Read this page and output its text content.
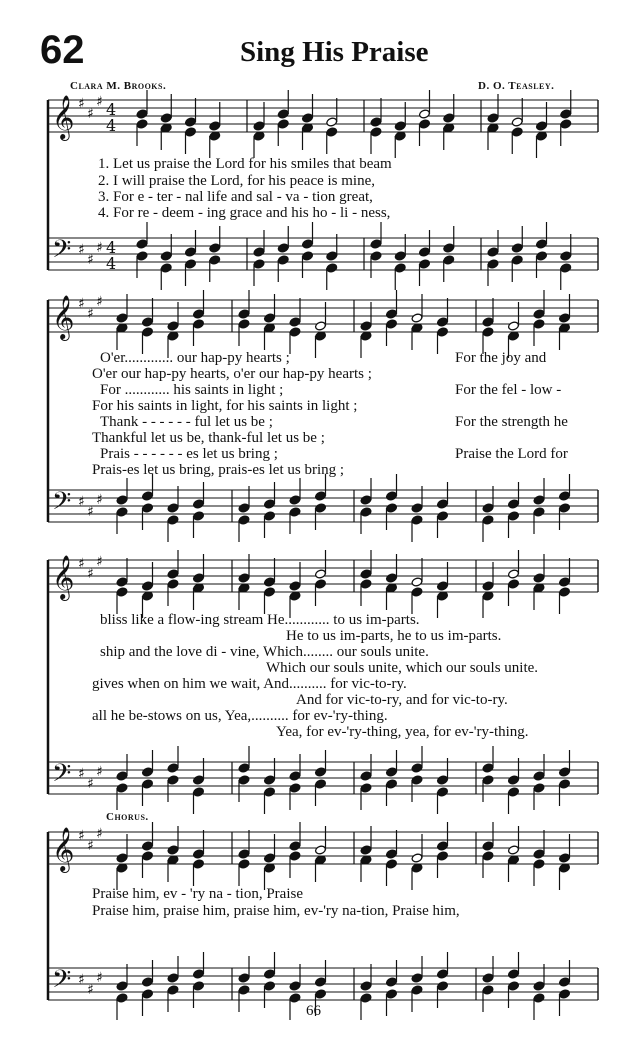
62	Sing His Praise
Clara M. Brooks.	D. O. Teasley.
𝄞
𝄢
♯
♯
♯
♯
♯
♯
4
4
4
4
𝄞
𝄢
♯
♯
♯
♯
♯
♯
𝄞
𝄢
♯
♯
♯
♯
♯
♯
𝄞
𝄢
♯
♯
♯
♯
♯
♯
1. Let us praise the Lord for his smiles that beam
2. I will praise the Lord, for his peace is mine,
3. For e - ter - nal life and sal - va - tion great,
4. For re - deem - ing grace and his ho - li - ness,
O'er............. our hap-py hearts ;
O'er our hap-py hearts, o'er our hap-py hearts ;
For ............ his saints in light ;
For his saints in light, for his saints in light ;
Thank - - - - - - ful let us be ;
Thankful let us be, thank-ful let us be ;
Prais - - - - - - es let us bring ;
Prais-es let us bring, prais-es let us bring ;
For the joy and
For the fel - low -
For the strength he
Praise the Lord for
bliss like a flow-ing stream He............ to us im-parts.
He to us im-parts, he to us im-parts.
ship and the love di - vine, Which........ our souls unite.
Which our souls unite, which our souls unite.
gives when on him we wait, And.......... for vic-to-ry.
And for vic-to-ry, and for vic-to-ry.
all he be-stows on us, Yea,.......... for ev-'ry-thing.
Yea, for ev-'ry-thing, yea, for ev-'ry-thing.
Chorus.
Praise him, ev - 'ry na - tion, Praise
Praise him, praise him, praise him, ev-'ry na-tion, Praise him,
66
